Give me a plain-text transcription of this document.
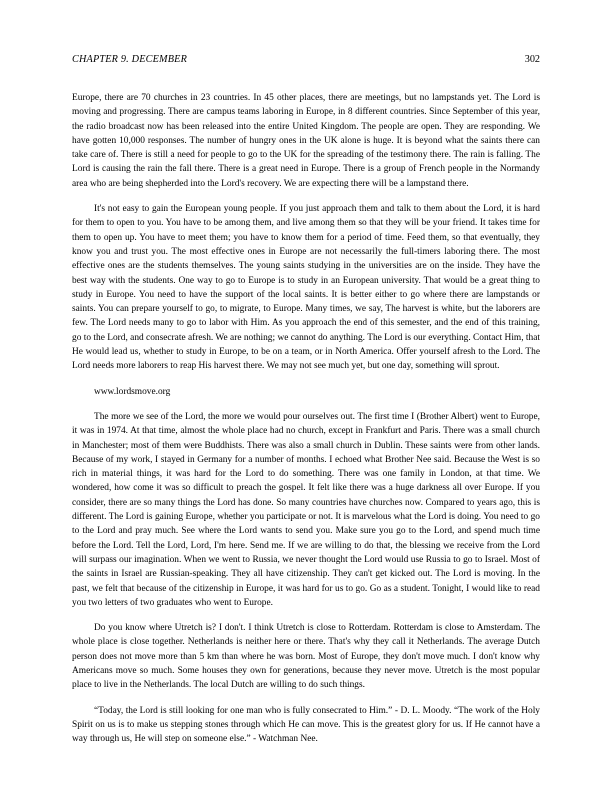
CHAPTER 9. DECEMBER	302

Europe, there are 70 churches in 23 countries. In 45 other places, there are meetings, but no lampstands yet. The Lord is moving and progressing. There are campus teams laboring in Europe, in 8 different countries. Since September of this year, the radio broadcast now has been released into the entire United Kingdom. The people are open. They are responding. We have gotten 10,000 responses. The number of hungry ones in the UK alone is huge. It is beyond what the saints there can take care of. There is still a need for people to go to the UK for the spreading of the testimony there. The rain is falling. The Lord is causing the rain the fall there. There is a great need in Europe. There is a group of French people in the Normandy area who are being shepherded into the Lord's recovery. We are expecting there will be a lampstand there.

It's not easy to gain the European young people. If you just approach them and talk to them about the Lord, it is hard for them to open to you. You have to be among them, and live among them so that they will be your friend. It takes time for them to open up. You have to meet them; you have to know them for a period of time. Feed them, so that eventually, they know you and trust you. The most effective ones in Europe are not necessarily the full-timers laboring there. The most effective ones are the students themselves. The young saints studying in the universities are on the inside. They have the best way with the students. One way to go to Europe is to study in an European university. That would be a great thing to study in Europe. You need to have the support of the local saints. It is better either to go where there are lampstands or saints. You can prepare yourself to go, to migrate, to Europe. Many times, we say, The harvest is white, but the laborers are few. The Lord needs many to go to labor with Him. As you approach the end of this semester, and the end of this training, go to the Lord, and consecrate afresh. We are nothing; we cannot do anything. The Lord is our everything. Contact Him, that He would lead us, whether to study in Europe, to be on a team, or in North America. Offer yourself afresh to the Lord. The Lord needs more laborers to reap His harvest there. We may not see much yet, but one day, something will sprout.

www.lordsmove.org

The more we see of the Lord, the more we would pour ourselves out. The first time I (Brother Albert) went to Europe, it was in 1974. At that time, almost the whole place had no church, except in Frankfurt and Paris. There was a small church in Manchester; most of them were Buddhists. There was also a small church in Dublin. These saints were from other lands. Because of my work, I stayed in Germany for a number of months. I echoed what Brother Nee said. Because the West is so rich in material things, it was hard for the Lord to do something. There was one family in London, at that time. We wondered, how come it was so difficult to preach the gospel. It felt like there was a huge darkness all over Europe. If you consider, there are so many things the Lord has done. So many countries have churches now. Compared to years ago, this is different. The Lord is gaining Europe, whether you participate or not. It is marvelous what the Lord is doing. You need to go to the Lord and pray much. See where the Lord wants to send you. Make sure you go to the Lord, and spend much time before the Lord. Tell the Lord, Lord, I'm here. Send me. If we are willing to do that, the blessing we receive from the Lord will surpass our imagination. When we went to Russia, we never thought the Lord would use Russia to go to Israel. Most of the saints in Israel are Russian-speaking. They all have citizenship. They can't get kicked out. The Lord is moving. In the past, we felt that because of the citizenship in Europe, it was hard for us to go. Go as a student. Tonight, I would like to read you two letters of two graduates who went to Europe.

Do you know where Utretch is? I don't. I think Utretch is close to Rotterdam. Rotterdam is close to Amsterdam. The whole place is close together. Netherlands is neither here or there. That's why they call it Netherlands. The average Dutch person does not move more than 5 km than where he was born. Most of Europe, they don't move much. I don't know why Americans move so much. Some houses they own for generations, because they never move. Utretch is the most popular place to live in the Netherlands. The local Dutch are willing to do such things.

“Today, the Lord is still looking for one man who is fully consecrated to Him.” - D. L. Moody. “The work of the Holy Spirit on us is to make us stepping stones through which He can move. This is the greatest glory for us. If He cannot have a way through us, He will step on someone else.” - Watchman Nee.
